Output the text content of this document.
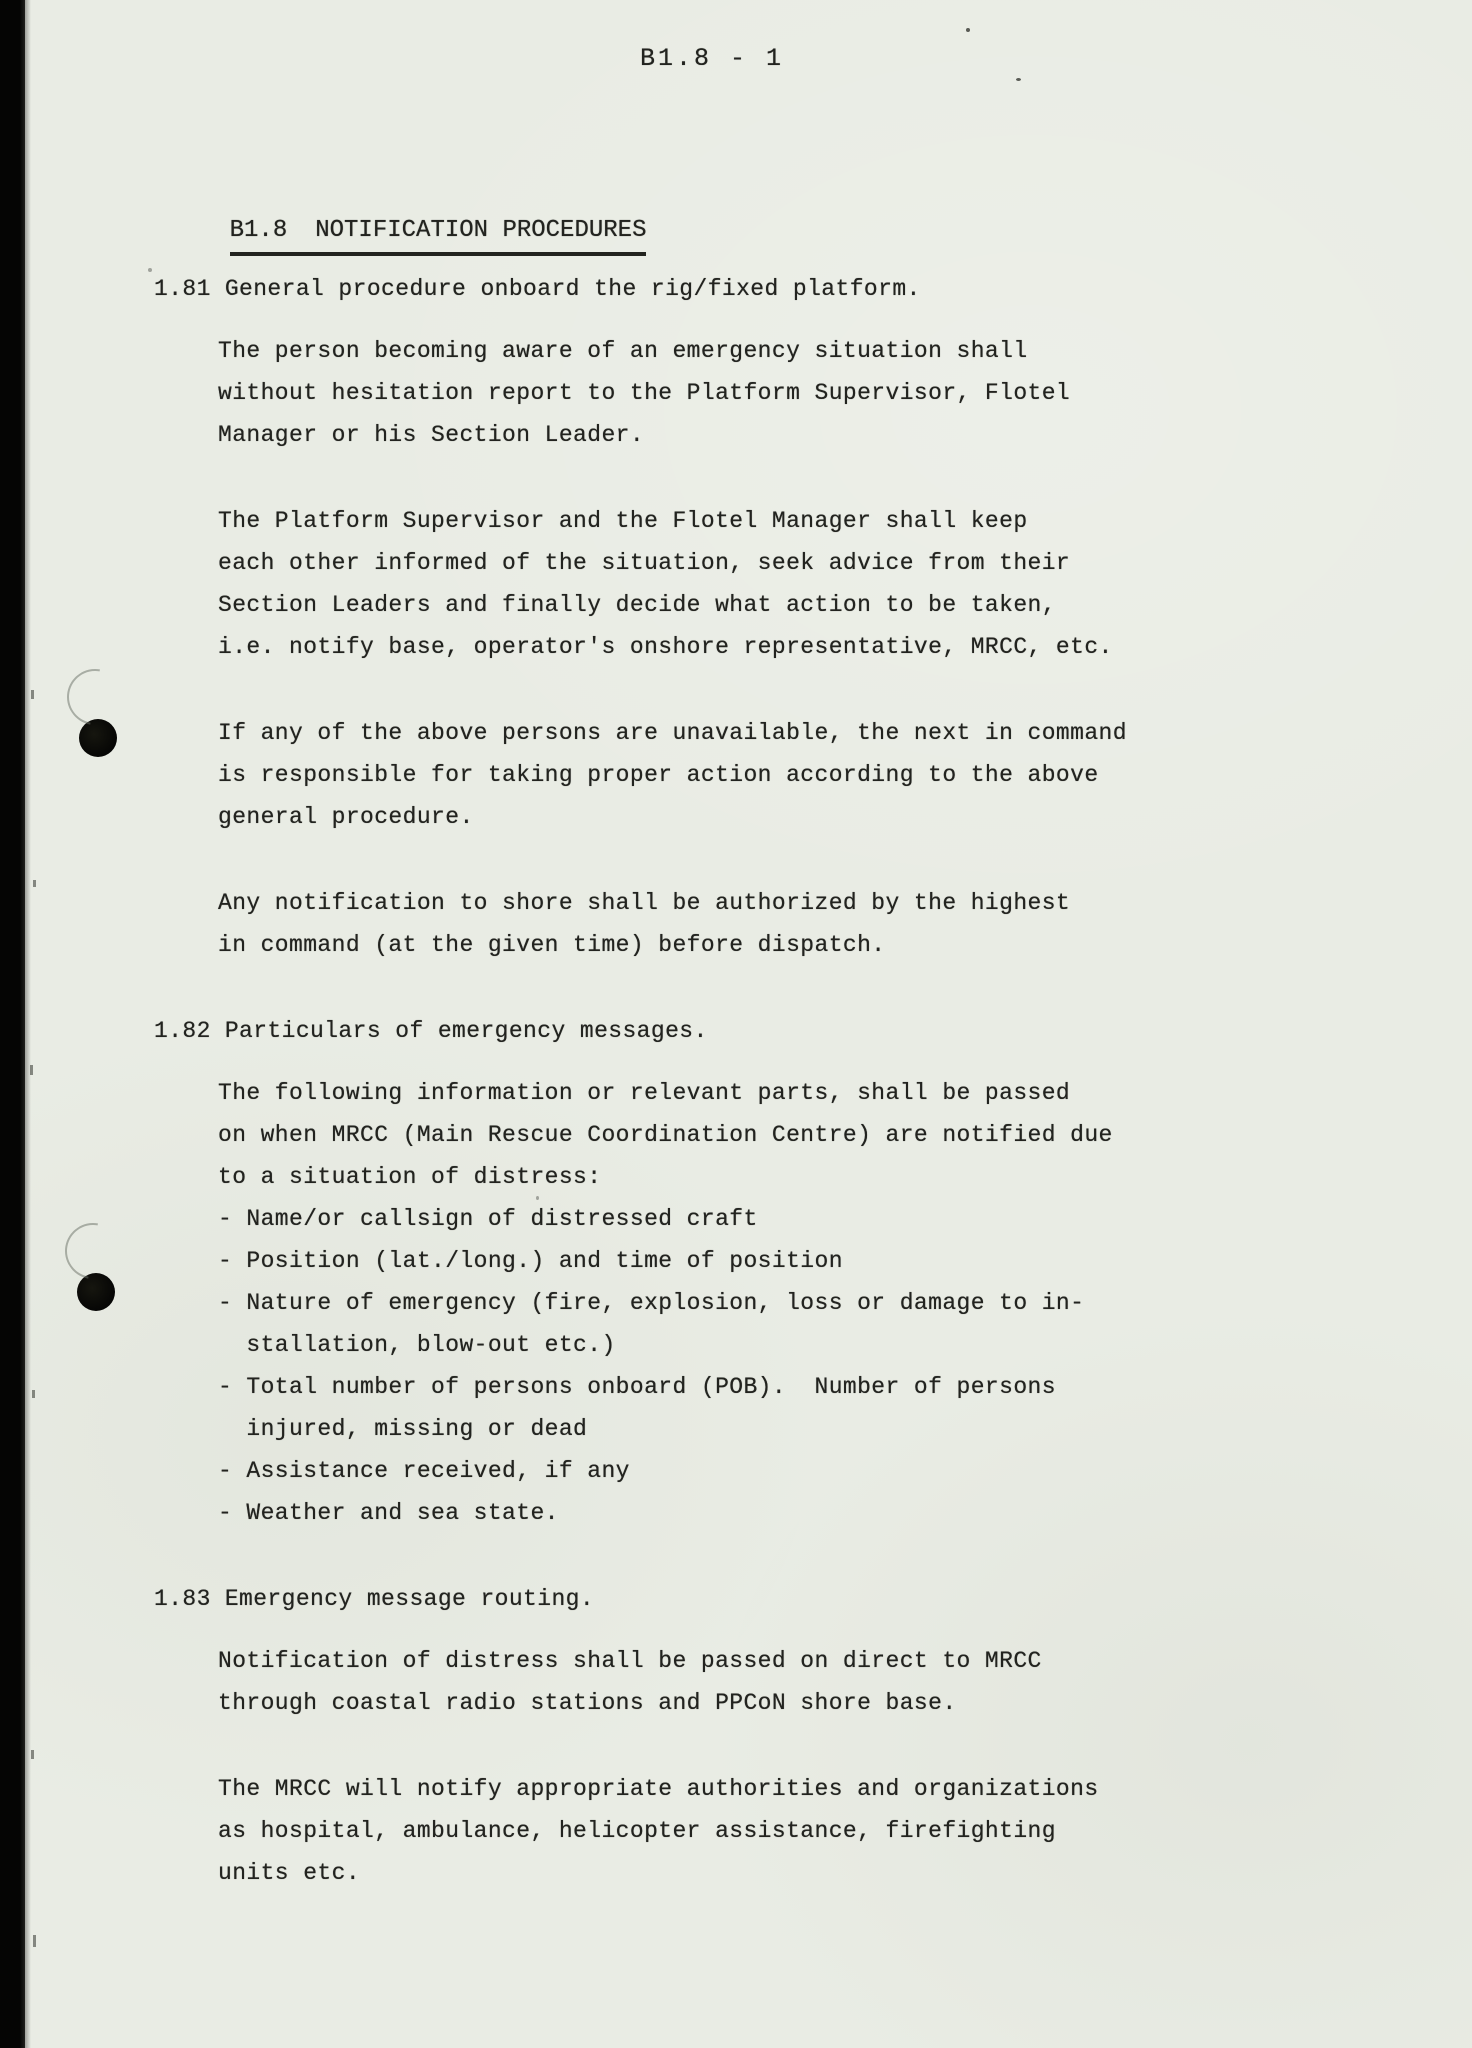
B1.8 - 1

B1.8 NOTIFICATION PROCEDURES

1.81 General procedure onboard the rig/fixed platform.
The person becoming aware of an emergency situation shall
without hesitation report to the Platform Supervisor, Flotel
Manager or his Section Leader.
The Platform Supervisor and the Flotel Manager shall keep
each other informed of the situation, seek advice from their
Section Leaders and finally decide what action to be taken,
i.e. notify base, operator's onshore representative, MRCC, etc.
If any of the above persons are unavailable, the next in command
is responsible for taking proper action according to the above
general procedure.
Any notification to shore shall be authorized by the highest
in command (at the given time) before dispatch.
1.82 Particulars of emergency messages.
The following information or relevant parts, shall be passed
on when MRCC (Main Rescue Coordination Centre) are notified due
to a situation of distress:
- Name/or callsign of distressed craft
- Position (lat./long.) and time of position
- Nature of emergency (fire, explosion, loss or damage to in-
stallation, blow-out etc.)
- Total number of persons onboard (POB).  Number of persons
injured, missing or dead
- Assistance received, if any
- Weather and sea state.
1.83 Emergency message routing.
Notification of distress shall be passed on direct to MRCC
through coastal radio stations and PPCoN shore base.
The MRCC will notify appropriate authorities and organizations
as hospital, ambulance, helicopter assistance, firefighting
units etc.
